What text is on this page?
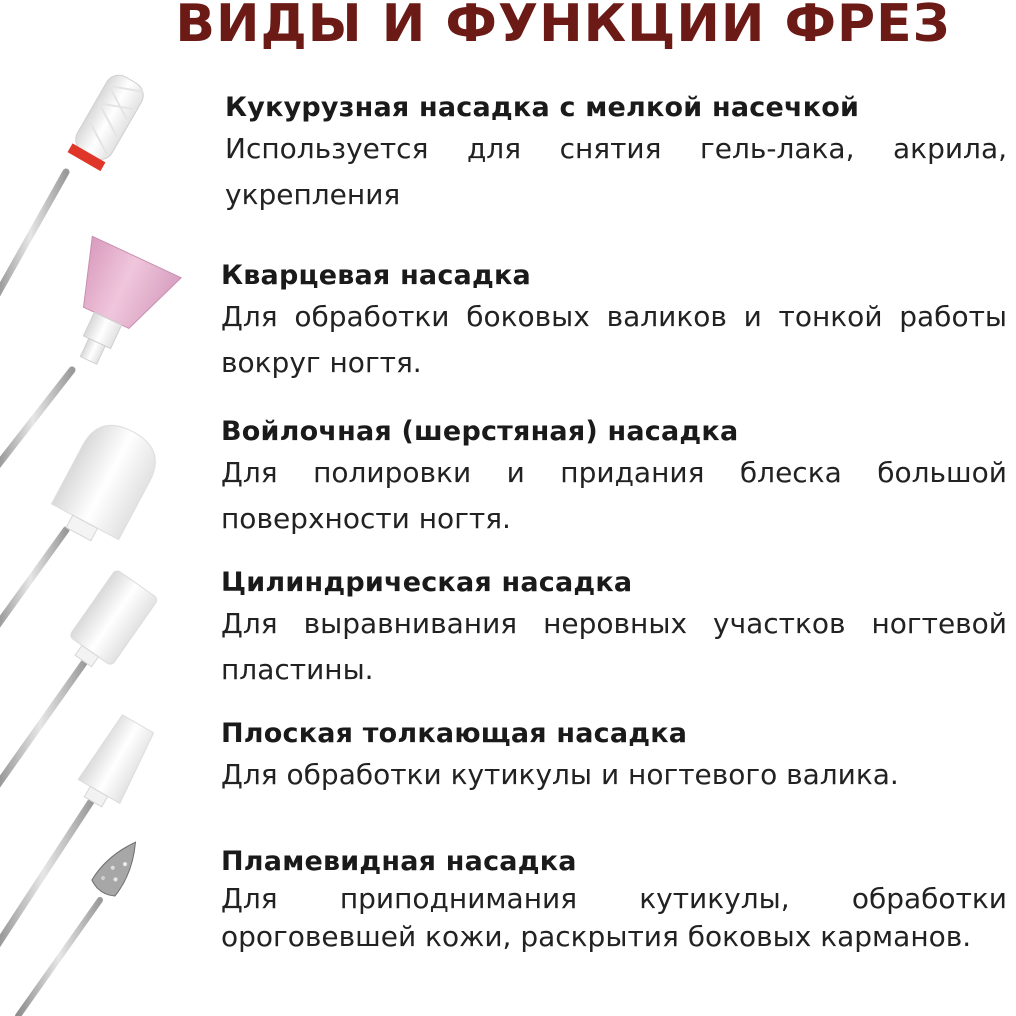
ВИДЫ И ФУНКЦИИ ФРЕЗ
Кукурузная насадка с мелкой насечкой

Используется для снятия гель-лака, акрила, укрепления

Кварцевая насадка

Для обработки боковых валиков и тонкой работы вокруг ногтя.

Войлочная (шерстяная) насадка

Для полировки и придания блеска большой поверхности ногтя.

Цилиндрическая насадка

Для выравнивания неровных участков ногтевой пластины.

Плоская толкающая насадка

Для обработки кутикулы и ногтевого валика.

Пламевидная насадка

Для приподнимания кутикулы, обработки ороговевшей кожи, раскрытия боковых карманов.
